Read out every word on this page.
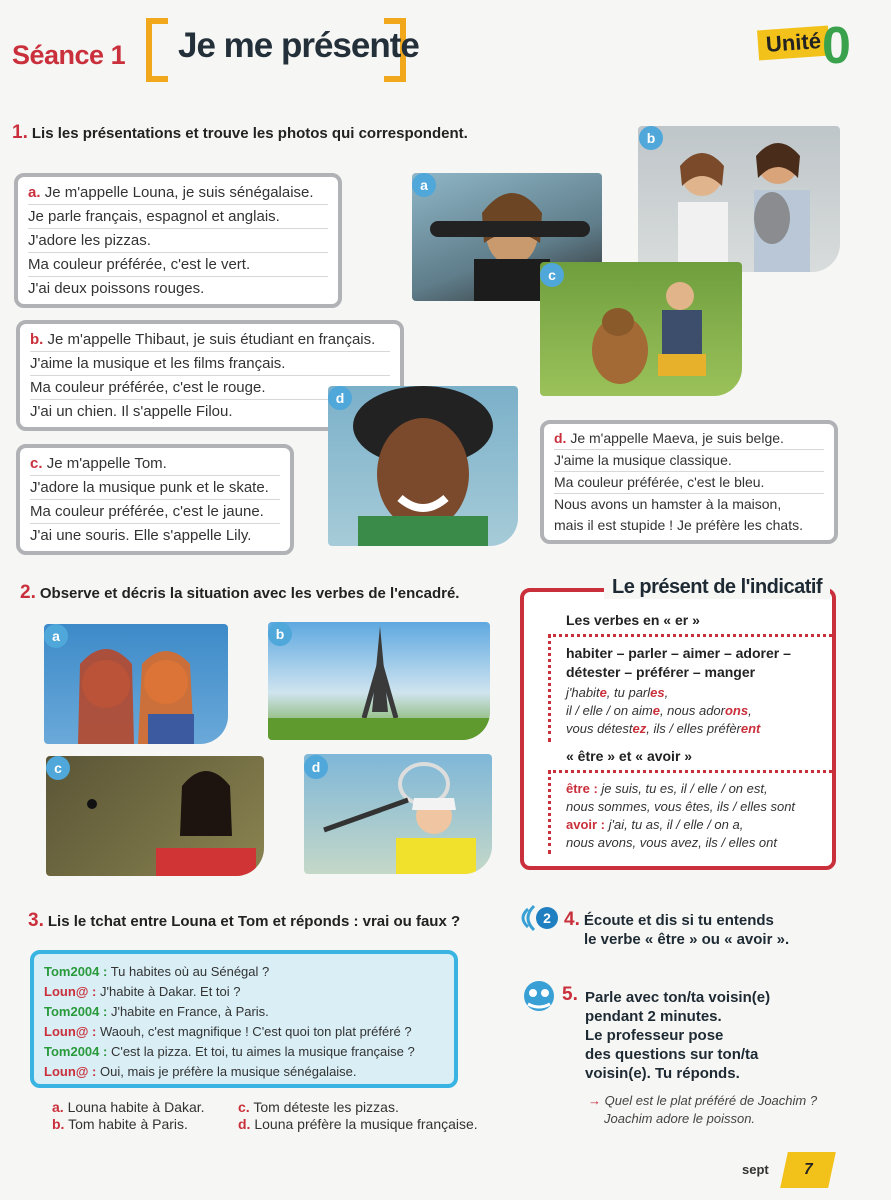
Séance 1 Je me présente	Unité 0
1. Lis les présentations et trouve les photos qui correspondent.
a. Je m'appelle Louna, je suis sénégalaise.
Je parle français, espagnol et anglais.
J'adore les pizzas.
Ma couleur préférée, c'est le vert.
J'ai deux poissons rouges.
b. Je m'appelle Thibaut, je suis étudiant en français.
J'aime la musique et les films français.
Ma couleur préférée, c'est le rouge.
J'ai un chien. Il s'appelle Filou.
c. Je m'appelle Tom.
J'adore la musique punk et le skate.
Ma couleur préférée, c'est le jaune.
J'ai une souris. Elle s'appelle Lily.
d. Je m'appelle Maeva, je suis belge.
J'aime la musique classique.
Ma couleur préférée, c'est le bleu.
Nous avons un hamster à la maison,
mais il est stupide ! Je préfère les chats.
a
b
c
d
2. Observe et décris la situation avec les verbes de l'encadré.
a	b
c	d
Le présent de l'indicatif
Les verbes en « er »
habiter – parler – aimer – adorer – détester – préférer – manger
j'habite, tu parles,
il / elle / on aime, nous adorons,
vous détestez, ils / elles préfèrent
« être » et « avoir »
être : je suis, tu es, il / elle / on est,
nous sommes, vous êtes, ils / elles sont
avoir : j'ai, tu as, il / elle / on a,
nous avons, vous avez, ils / elles ont
3. Lis le tchat entre Louna et Tom et réponds : vrai ou faux ?
Tom2004 : Tu habites où au Sénégal ?
Loun@ : J'habite à Dakar. Et toi ?
Tom2004 : J'habite en France, à Paris.
Loun@ : Waouh, c'est magnifique ! C'est quoi ton plat préféré ?
Tom2004 : C'est la pizza. Et toi, tu aimes la musique française ?
Loun@ : Oui, mais je préfère la musique sénégalaise.
a. Louna habite à Dakar.
b. Tom habite à Paris.
c. Tom déteste les pizzas.
d. Louna préfère la musique française.
2 4. Écoute et dis si tu entends
le verbe « être » ou « avoir ».
5. Parle avec ton/ta voisin(e)
pendant 2 minutes.
Le professeur pose
des questions sur ton/ta
voisin(e). Tu réponds.
→ Quel est le plat préféré de Joachim ?
Joachim adore le poisson.
sept	7
